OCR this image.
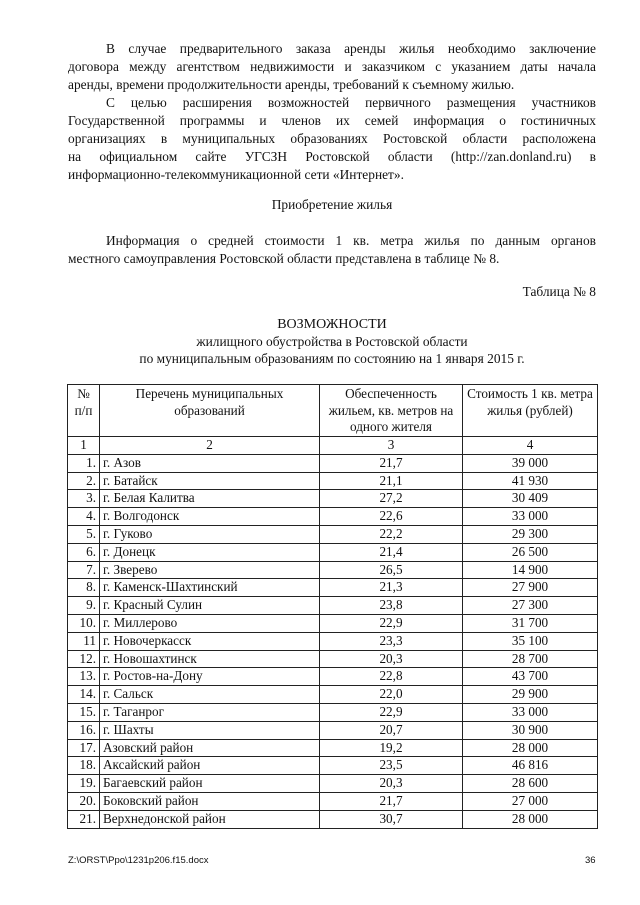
В случае предварительного заказа аренды жилья необходимо заключение
договора между агентством недвижимости и заказчиком с указанием даты начала
аренды, времени продолжительности аренды, требований к съемному жилью.

С целью расширения возможностей первичного размещения участников
Государственной программы и членов их семей информация о гостиничных
организациях в муниципальных образованиях Ростовской области расположена
на официальном сайте УГСЗН Ростовской области (http://zan.donland.ru) в
информационно-телекоммуникационной сети «Интернет».

Приобретение жилья

Информация о средней стоимости 1 кв. метра жилья по данным органов
местного самоуправления Ростовской области представлена в таблице № 8.

Таблица № 8

ВОЗМОЖНОСТИ

жилищного обустройства в Ростовской области

по муниципальным образованиям по состоянию на 1 января 2015 г.

№ п/п	Перечень муниципальных образований	Обеспеченность жильем, кв. метров на одного жителя	Стоимость 1 кв. метра жилья (рублей)
1	2	3	4
1.	г. Азов	21,7	39 000
2.	г. Батайск	21,1	41 930
3.	г. Белая Калитва	27,2	30 409
4.	г. Волгодонск	22,6	33 000
5.	г. Гуково	22,2	29 300
6.	г. Донецк	21,4	26 500
7.	г. Зверево	26,5	14 900
8.	г. Каменск-Шахтинский	21,3	27 900
9.	г. Красный Сулин	23,8	27 300
10.	г. Миллерово	22,9	31 700
11	г. Новочеркасск	23,3	35 100
12.	г. Новошахтинск	20,3	28 700
13.	г. Ростов-на-Дону	22,8	43 700
14.	г. Сальск	22,0	29 900
15.	г. Таганрог	22,9	33 000
16.	г. Шахты	20,7	30 900
17.	Азовский район	19,2	28 000
18.	Аксайский район	23,5	46 816
19.	Багаевский район	20,3	28 600
20.	Боковский район	21,7	27 000
21.	Верхнедонской район	30,7	28 000
Z:\ORST\Ppo\1231p206.f15.docx	36
